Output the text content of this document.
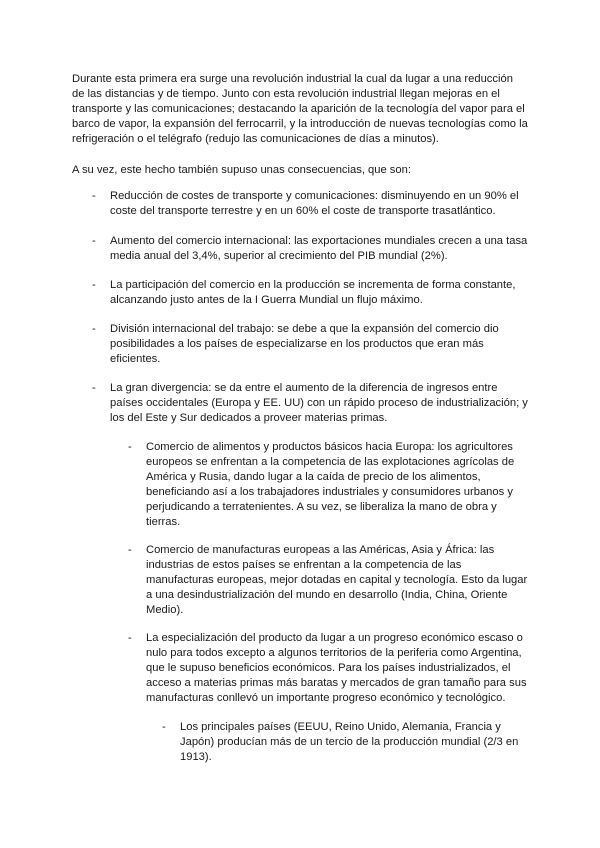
Durante esta primera era surge una revolución industrial la cual da lugar a una reducción de las distancias y de tiempo. Junto con esta revolución industrial llegan mejoras en el transporte y las comunicaciones; destacando la aparición de la tecnología del vapor para el barco de vapor, la expansión del ferrocarril, y la introducción de nuevas tecnologías como la refrigeración o el telégrafo (redujo las comunicaciones de días a minutos).

A su vez, este hecho también supuso unas consecuencias, que son:

- Reducción de costes de transporte y comunicaciones: disminuyendo en un 90% el coste del transporte terrestre y en un 60% el coste de transporte trasatlántico.
- Aumento del comercio internacional: las exportaciones mundiales crecen a una tasa media anual del 3,4%, superior al crecimiento del PIB mundial (2%).
- La participación del comercio en la producción se incrementa de forma constante, alcanzando justo antes de la I Guerra Mundial un flujo máximo.
- División internacional del trabajo: se debe a que la expansión del comercio dio posibilidades a los países de especializarse en los productos que eran más eficientes.
- La gran divergencia: se da entre el aumento de la diferencia de ingresos entre países occidentales (Europa y EE. UU) con un rápido proceso de industrialización; y los del Este y Sur dedicados a proveer materias primas.
- Comercio de alimentos y productos básicos hacia Europa: los agricultores europeos se enfrentan a la competencia de las explotaciones agrícolas de América y Rusia, dando lugar a la caída de precio de los alimentos, beneficiando así a los trabajadores industriales y consumidores urbanos y perjudicando a terratenientes. A su vez, se liberaliza la mano de obra y tierras.
- Comercio de manufacturas europeas a las Américas, Asia y África: las industrias de estos países se enfrentan a la competencia de las manufacturas europeas, mejor dotadas en capital y tecnología. Esto da lugar a una desindustrialización del mundo en desarrollo (India, China, Oriente Medio).
- La especialización del producto da lugar a un progreso económico escaso o nulo para todos excepto a algunos territorios de la periferia como Argentina, que le supuso beneficios económicos. Para los países industrializados, el acceso a materias primas más baratas y mercados de gran tamaño para sus manufacturas conllevó un importante progreso económico y tecnológico.
- Los principales países (EEUU, Reino Unido, Alemania, Francia y Japón) producían más de un tercio de la producción mundial (2/3 en 1913).
